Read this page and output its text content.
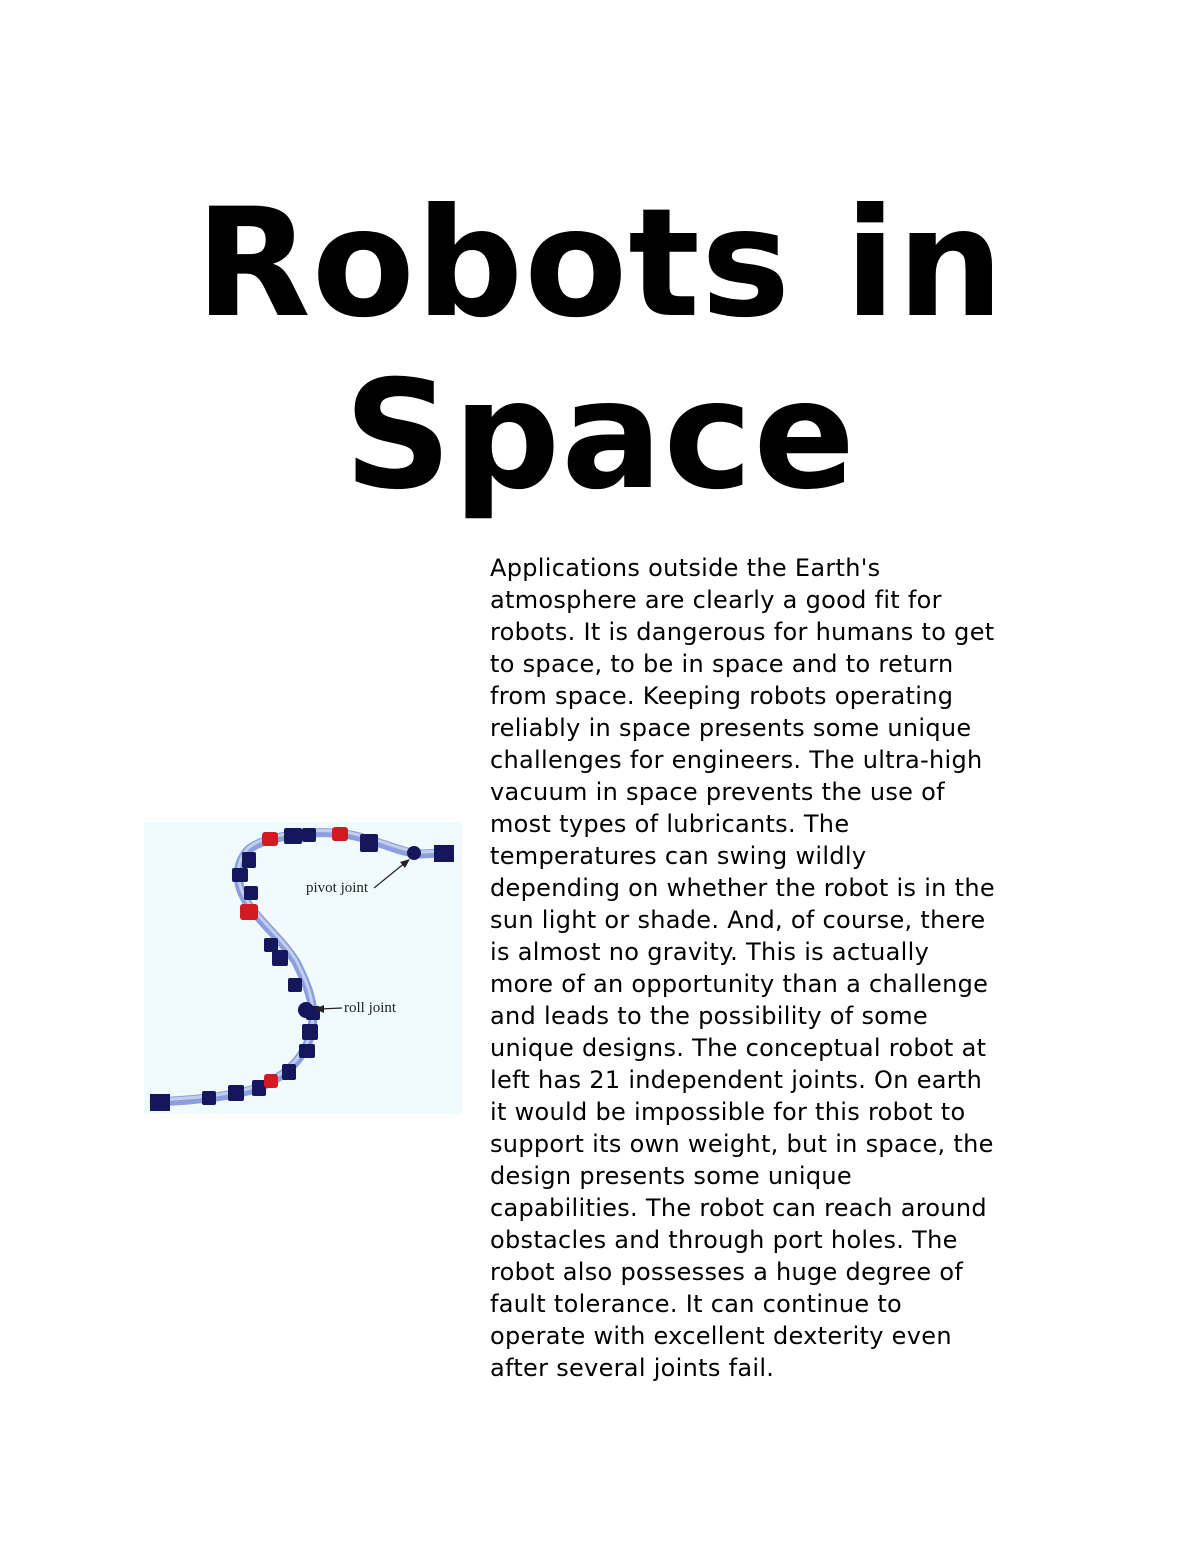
Robots in
Space
pivot joint
roll joint
Applications outside the Earth's
atmosphere are clearly a good fit for
robots. It is dangerous for humans to get
to space, to be in space and to return
from space. Keeping robots operating
reliably in space presents some unique
challenges for engineers. The ultra-high
vacuum in space prevents the use of
most types of lubricants. The
temperatures can swing wildly
depending on whether the robot is in the
sun light or shade. And, of course, there
is almost no gravity. This is actually
more of an opportunity than a challenge
and leads to the possibility of some
unique designs. The conceptual robot at
left has 21 independent joints. On earth
it would be impossible for this robot to
support its own weight, but in space, the
design presents some unique
capabilities. The robot can reach around
obstacles and through port holes. The
robot also possesses a huge degree of
fault tolerance. It can continue to
operate with excellent dexterity even
after several joints fail.
